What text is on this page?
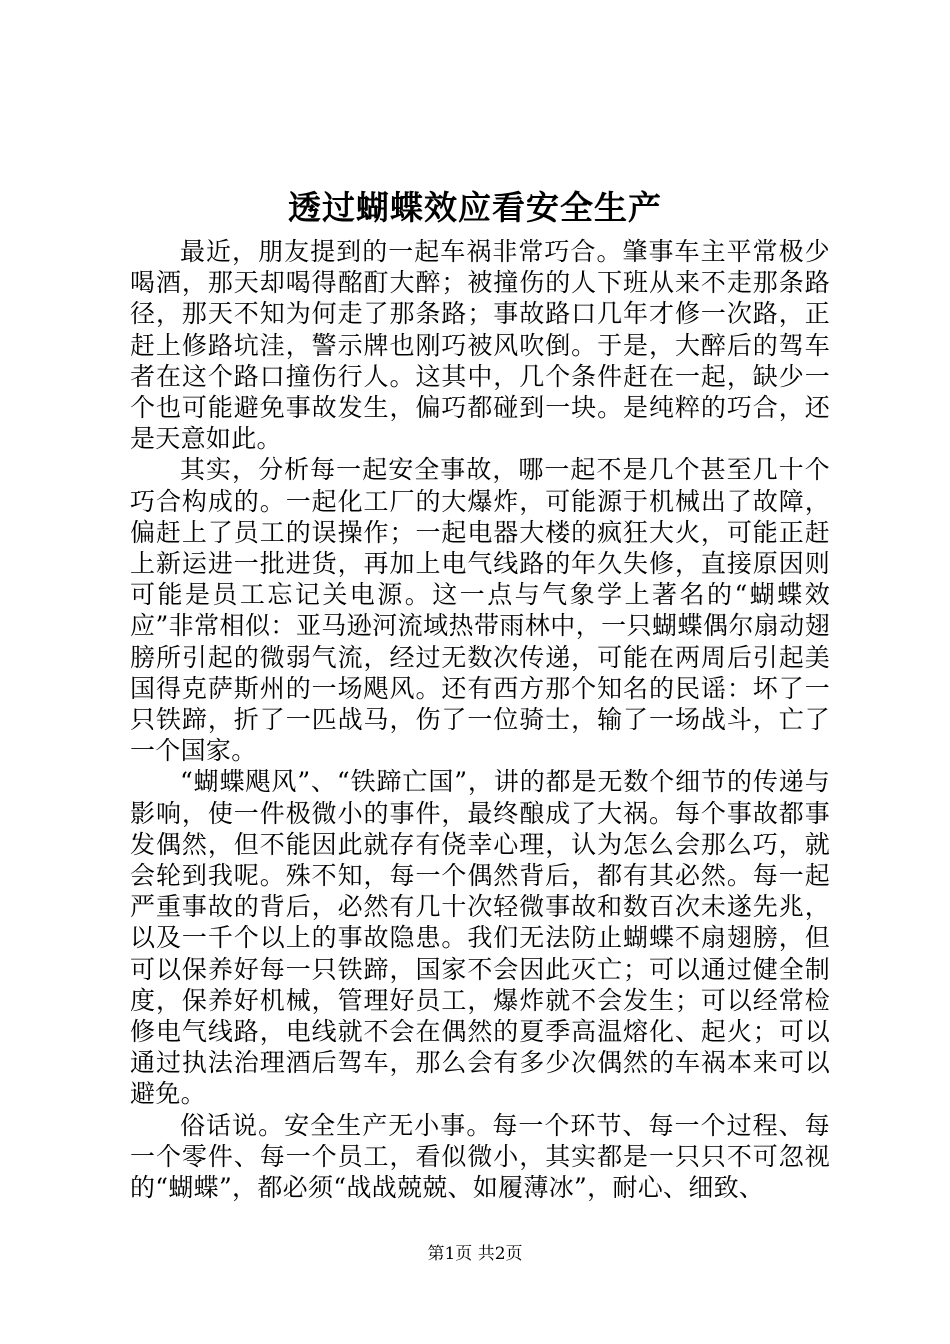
透过蝴蝶效应看安全生产

最近，朋友提到的一起车祸非常巧合。肇事车主平常极少喝酒，那天却喝得酩酊大醉；被撞伤的人下班从来不走那条路径，那天不知为何走了那条路；事故路口几年才修一次路，正赶上修路坑洼，警示牌也刚巧被风吹倒。于是，大醉后的驾车者在这个路口撞伤行人。这其中，几个条件赶在一起，缺少一个也可能避免事故发生，偏巧都碰到一块。是纯粹的巧合，还是天意如此。

其实，分析每一起安全事故，哪一起不是几个甚至几十个巧合构成的。一起化工厂的大爆炸，可能源于机械出了故障，偏赶上了员工的误操作；一起电器大楼的疯狂大火，可能正赶上新运进一批进货，再加上电气线路的年久失修，直接原因则可能是员工忘记关电源。这一点与气象学上著名的“蝴蝶效应”非常相似：亚马逊河流域热带雨林中，一只蝴蝶偶尔扇动翅膀所引起的微弱气流，经过无数次传递，可能在两周后引起美国得克萨斯州的一场飓风。还有西方那个知名的民谣：坏了一只铁蹄，折了一匹战马，伤了一位骑士，输了一场战斗，亡了一个国家。

“蝴蝶飓风”、“铁蹄亡国”，讲的都是无数个细节的传递与影响，使一件极微小的事件，最终酿成了大祸。每个事故都事发偶然，但不能因此就存有侥幸心理，认为怎么会那么巧，就会轮到我呢。殊不知，每一个偶然背后，都有其必然。每一起严重事故的背后，必然有几十次轻微事故和数百次未遂先兆，以及一千个以上的事故隐患。我们无法防止蝴蝶不扇翅膀，但可以保养好每一只铁蹄，国家不会因此灭亡；可以通过健全制度，保养好机械，管理好员工，爆炸就不会发生；可以经常检修电气线路，电线就不会在偶然的夏季高温熔化、起火；可以通过执法治理酒后驾车，那么会有多少次偶然的车祸本来可以避免。

俗话说。安全生产无小事。每一个环节、每一个过程、每一个零件、每一个员工，看似微小，其实都是一只只不可忽视的“蝴蝶”，都必须“战战兢兢、如履薄冰”，耐心、细致、

第1页 共2页
